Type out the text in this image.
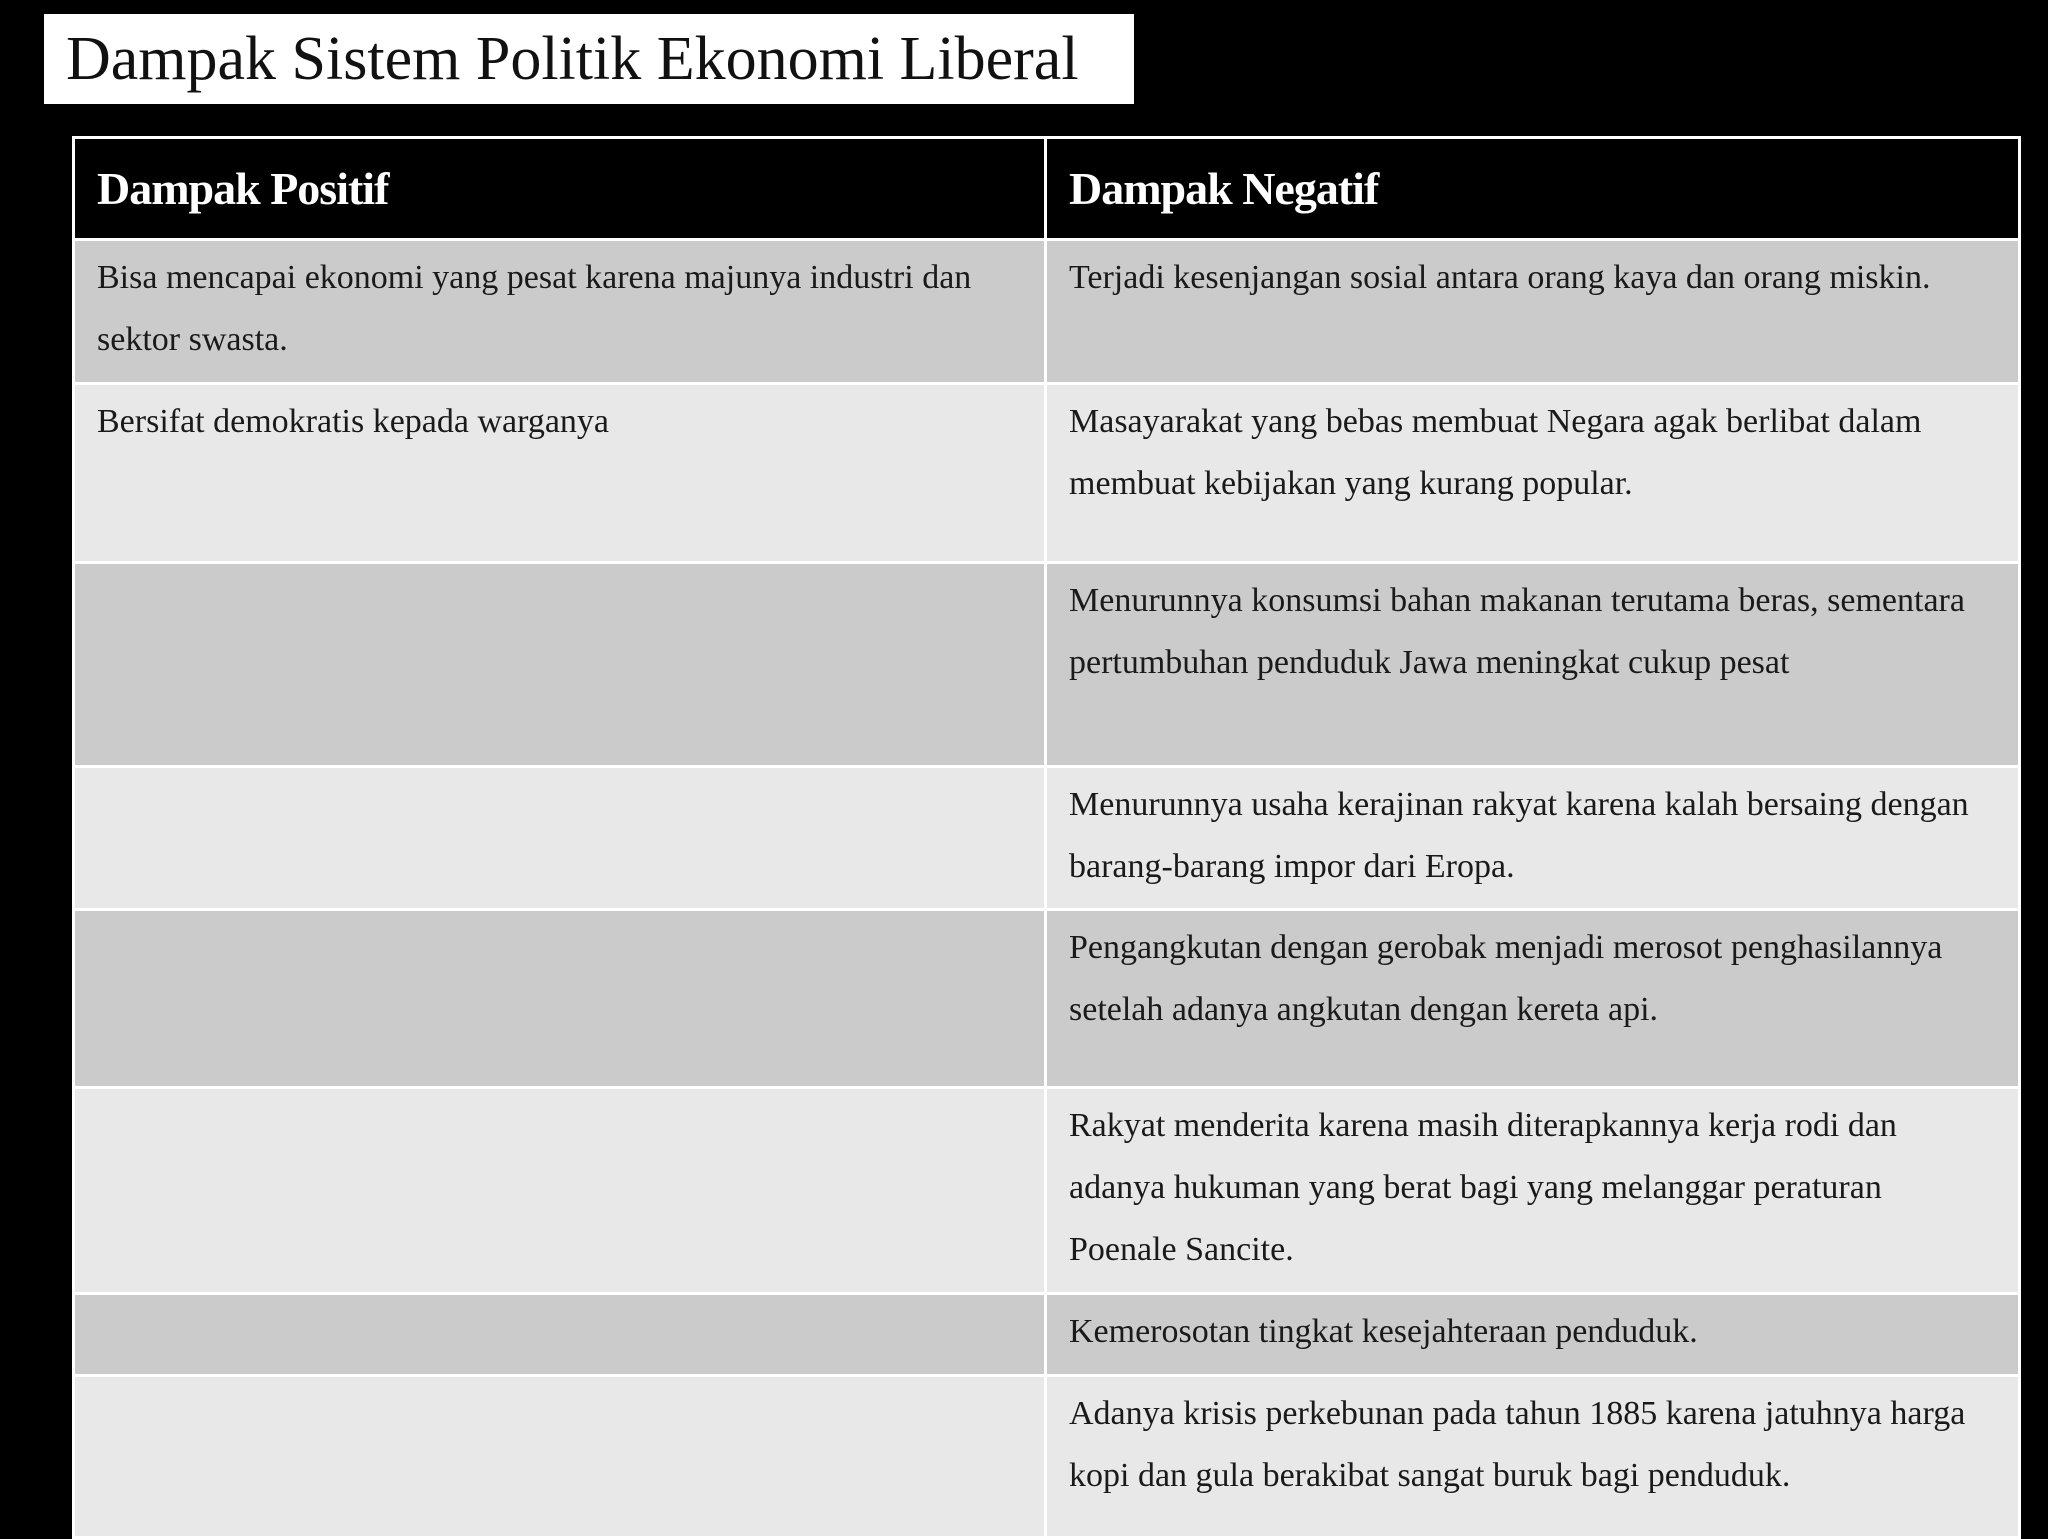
Dampak Sistem Politik Ekonomi Liberal
Dampak Positif	Dampak Negatif
Bisa mencapai ekonomi yang pesat karena majunya industri dan sektor swasta.	Terjadi kesenjangan sosial antara orang kaya dan orang miskin.
Bersifat demokratis kepada warganya	Masayarakat yang bebas membuat Negara agak berlibat dalam membuat kebijakan yang kurang popular.
	Menurunnya konsumsi bahan makanan terutama beras, sementara pertumbuhan penduduk Jawa meningkat cukup pesat
	Menurunnya usaha kerajinan rakyat karena kalah bersaing dengan barang-barang impor dari Eropa.
	Pengangkutan dengan gerobak menjadi merosot penghasilannya setelah adanya angkutan dengan kereta api.
	Rakyat menderita karena masih diterapkannya kerja rodi dan adanya hukuman yang berat bagi yang melanggar peraturan Poenale Sancite.
	Kemerosotan tingkat kesejahteraan penduduk.
	Adanya krisis perkebunan pada tahun 1885 karena jatuhnya harga kopi dan gula berakibat sangat buruk bagi penduduk.
